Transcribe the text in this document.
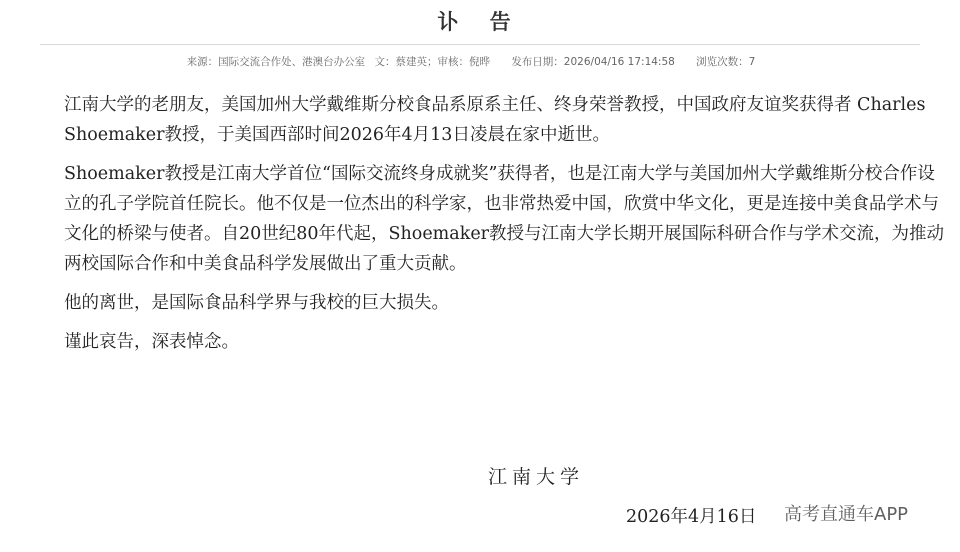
讣 告
来源：国际交流合作处、港澳台办公室 文：蔡建英；审核：倪晔 发布日期：2026/04/16 17:14:58 浏览次数：7

江南大学的老朋友，美国加州大学戴维斯分校食品系原系主任、终身荣誉教授，中国政府友谊奖获得者 Charles Shoemaker教授，于美国西部时间2026年4月13日凌晨在家中逝世。

Shoemaker教授是江南大学首位“国际交流终身成就奖”获得者，也是江南大学与美国加州大学戴维斯分校合作设立的孔子学院首任院长。他不仅是一位杰出的科学家，也非常热爱中国，欣赏中华文化，更是连接中美食品学术与文化的桥梁与使者。自20世纪80年代起，Shoemaker教授与江南大学长期开展国际科研合作与学术交流，为推动两校国际合作和中美食品科学发展做出了重大贡献。

他的离世，是国际食品科学界与我校的巨大损失。

谨此哀告，深表悼念。

江南大学
2026年4月16日 高考直通车APP
